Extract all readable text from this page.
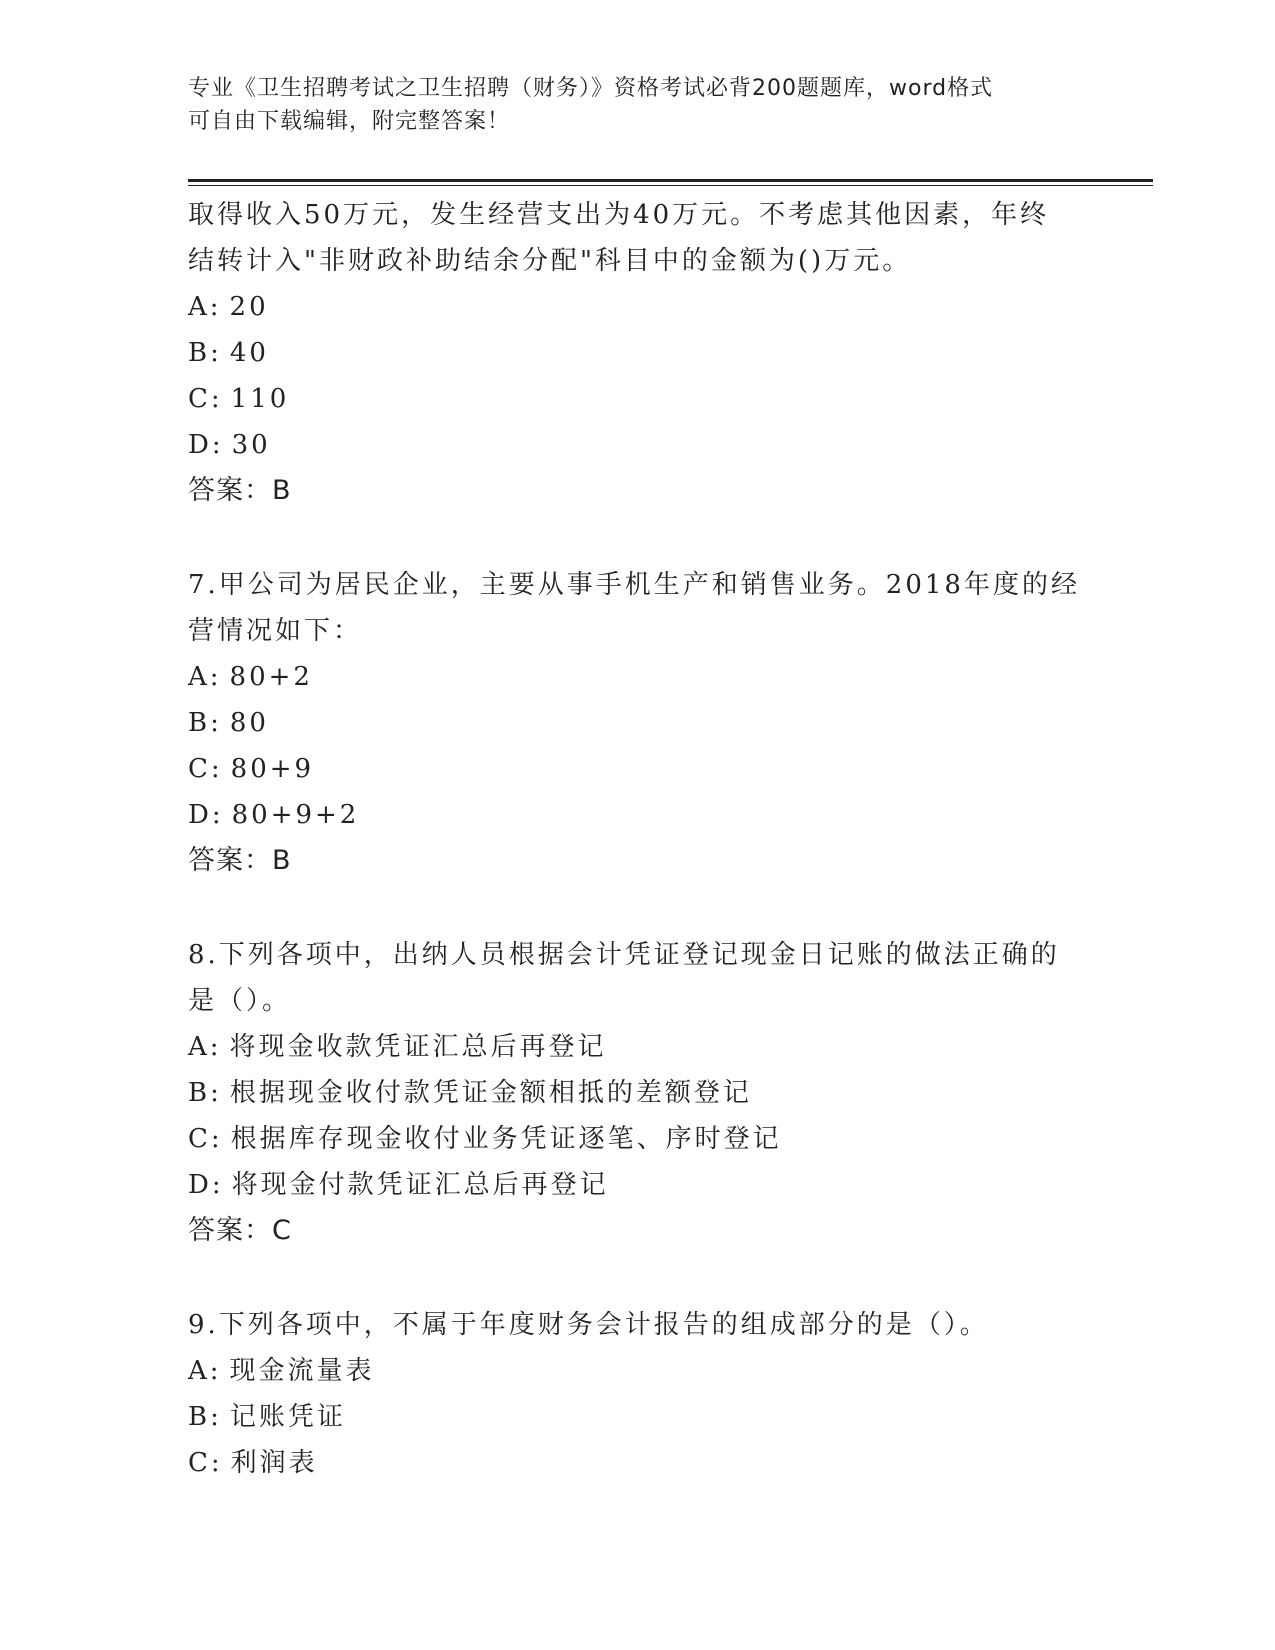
专业《卫生招聘考试之卫生招聘（财务）》资格考试必背200题题库，word格式
可自由下载编辑，附完整答案！
取得收入50万元，发生经营支出为40万元。不考虑其他因素，年终
结转计入"非财政补助结余分配"科目中的金额为()万元。
A: 20
B: 40
C: 110
D: 30
答案：B
7.甲公司为居民企业，主要从事手机生产和销售业务。2018年度的经
营情况如下：
A: 80+2
B: 80
C: 80+9
D: 80+9+2
答案：B
8.下列各项中，出纳人员根据会计凭证登记现金日记账的做法正确的
是（）。
A: 将现金收款凭证汇总后再登记
B: 根据现金收付款凭证金额相抵的差额登记
C: 根据库存现金收付业务凭证逐笔、序时登记
D: 将现金付款凭证汇总后再登记
答案：C
9.下列各项中，不属于年度财务会计报告的组成部分的是（）。
A: 现金流量表
B: 记账凭证
C: 利润表
